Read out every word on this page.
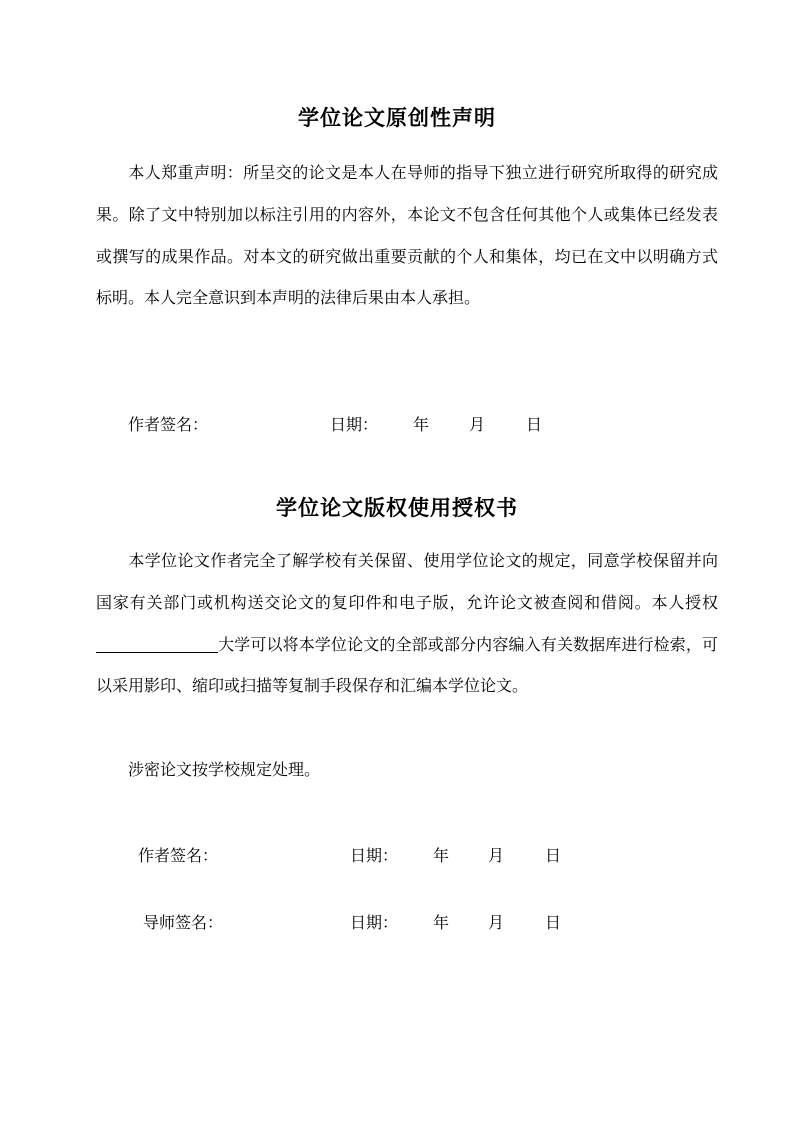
学位论文原创性声明
本人郑重声明：所呈交的论文是本人在导师的指导下独立进行研究所取得的研究成果。除了文中特别加以标注引用的内容外，本论文不包含任何其他个人或集体已经发表或撰写的成果作品。对本文的研究做出重要贡献的个人和集体，均已在文中以明确方式标明。本人完全意识到本声明的法律后果由本人承担。
作者签名：	日期： 年 月	日
学位论文版权使用授权书
本学位论文作者完全了解学校有关保留、使用学位论文的规定，同意学校保留并向国家有关部门或机构送交论文的复印件和电子版，允许论文被查阅和借阅。本人授权大学可以将本学位论文的全部或部分内容编入有关数据库进行检索，可以采用影印、缩印或扫描等复制手段保存和汇编本学位论文。
涉密论文按学校规定处理。
作者签名：	日期： 年 月	日
导师签名：	日期： 年 月	日
